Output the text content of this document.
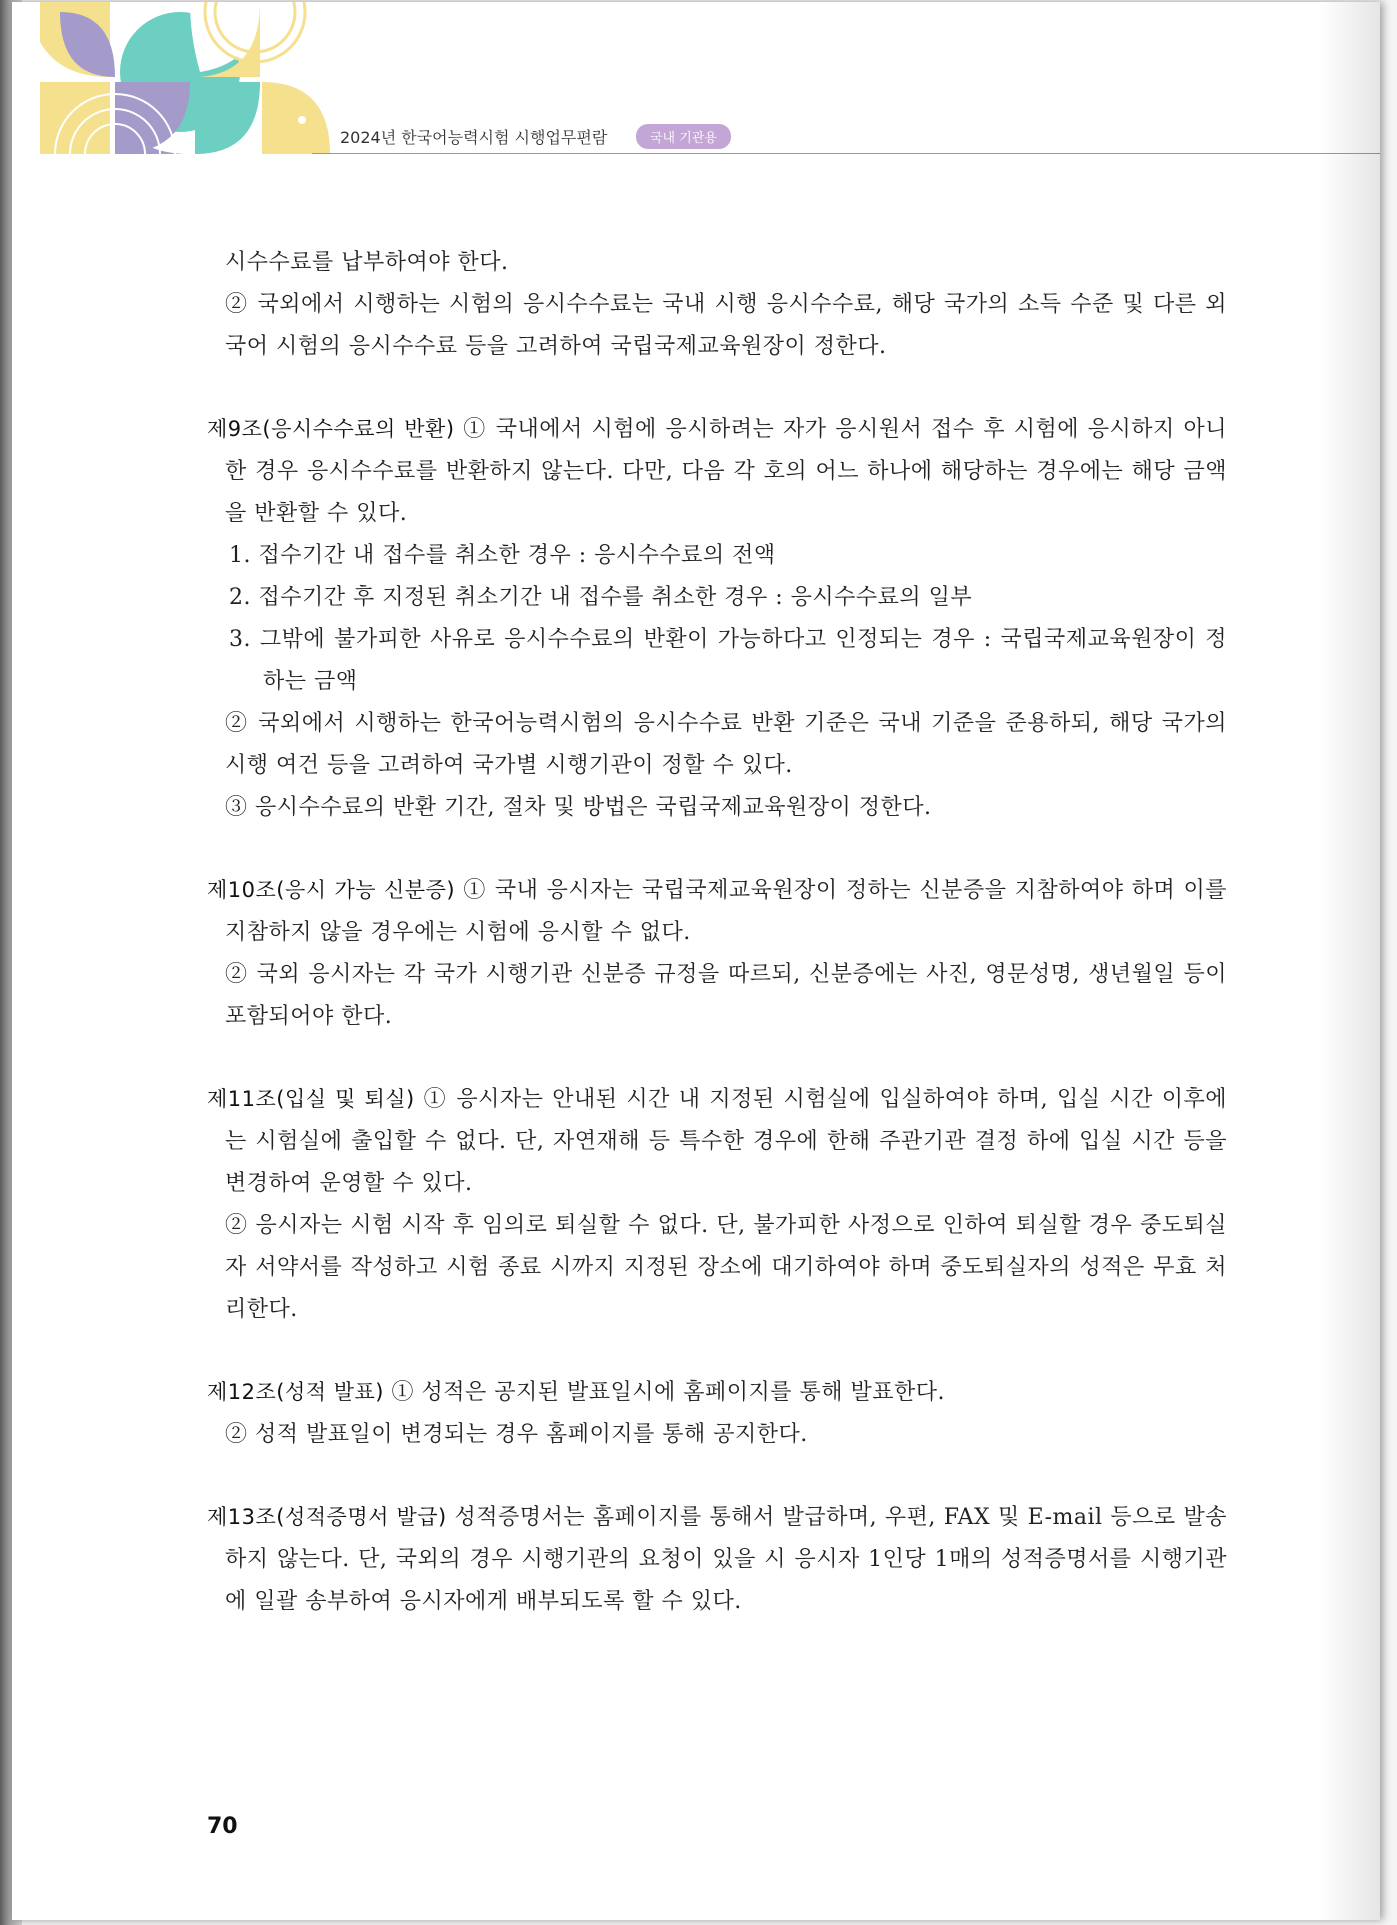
2024년 한국어능력시험 시행업무편람	국내 기관용
시수수료를 납부하여야 한다.
② 국외에서 시행하는 시험의 응시수수료는 국내 시행 응시수수료, 해당 국가의 소득 수준 및 다른 외국어 시험의 응시수수료 등을 고려하여 국립국제교육원장이 정한다.
제9조(응시수수료의 반환) ① 국내에서 시험에 응시하려는 자가 응시원서 접수 후 시험에 응시하지 아니한 경우 응시수수료를 반환하지 않는다. 다만, 다음 각 호의 어느 하나에 해당하는 경우에는 해당 금액을 반환할 수 있다.
1. 접수기간 내 접수를 취소한 경우 : 응시수수료의 전액
2. 접수기간 후 지정된 취소기간 내 접수를 취소한 경우 : 응시수수료의 일부
3. 그밖에 불가피한 사유로 응시수수료의 반환이 가능하다고 인정되는 경우 : 국립국제교육원장이 정하는 금액
② 국외에서 시행하는 한국어능력시험의 응시수수료 반환 기준은 국내 기준을 준용하되, 해당 국가의 시행 여건 등을 고려하여 국가별 시행기관이 정할 수 있다.
③ 응시수수료의 반환 기간, 절차 및 방법은 국립국제교육원장이 정한다.
제10조(응시 가능 신분증) ① 국내 응시자는 국립국제교육원장이 정하는 신분증을 지참하여야 하며 이를 지참하지 않을 경우에는 시험에 응시할 수 없다.
② 국외 응시자는 각 국가 시행기관 신분증 규정을 따르되, 신분증에는 사진, 영문성명, 생년월일 등이 포함되어야 한다.
제11조(입실 및 퇴실) ① 응시자는 안내된 시간 내 지정된 시험실에 입실하여야 하며, 입실 시간 이후에는 시험실에 출입할 수 없다. 단, 자연재해 등 특수한 경우에 한해 주관기관 결정 하에 입실 시간 등을 변경하여 운영할 수 있다.
② 응시자는 시험 시작 후 임의로 퇴실할 수 없다. 단, 불가피한 사정으로 인하여 퇴실할 경우 중도퇴실자 서약서를 작성하고 시험 종료 시까지 지정된 장소에 대기하여야 하며 중도퇴실자의 성적은 무효 처리한다.
제12조(성적 발표) ① 성적은 공지된 발표일시에 홈페이지를 통해 발표한다.
② 성적 발표일이 변경되는 경우 홈페이지를 통해 공지한다.
제13조(성적증명서 발급) 성적증명서는 홈페이지를 통해서 발급하며, 우편, FAX 및 E-mail 등으로 발송하지 않는다. 단, 국외의 경우 시행기관의 요청이 있을 시 응시자 1인당 1매의 성적증명서를 시행기관에 일괄 송부하여 응시자에게 배부되도록 할 수 있다.
70
